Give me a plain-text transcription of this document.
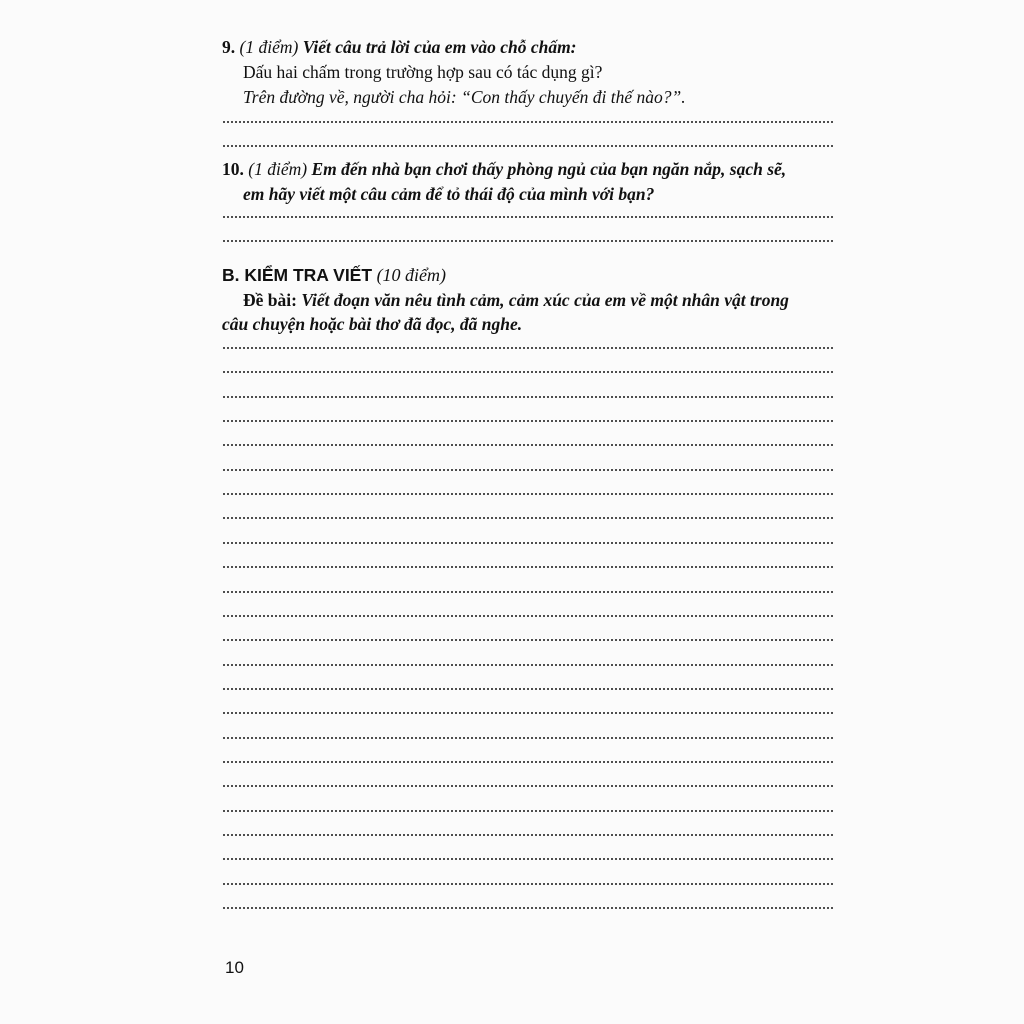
9. (1 điểm) Viết câu trả lời của em vào chỗ chấm:
Dấu hai chấm trong trường hợp sau có tác dụng gì?
Trên đường về, người cha hỏi: “Con thấy chuyến đi thế nào?”.
10. (1 điểm) Em đến nhà bạn chơi thấy phòng ngủ của bạn ngăn nắp, sạch sẽ,
em hãy viết một câu cảm để tỏ thái độ của mình với bạn?
B. KIỂM TRA VIẾT (10 điểm)
Đề bài: Viết đoạn văn nêu tình cảm, cảm xúc của em về một nhân vật trong
câu chuyện hoặc bài thơ đã đọc, đã nghe.
10
